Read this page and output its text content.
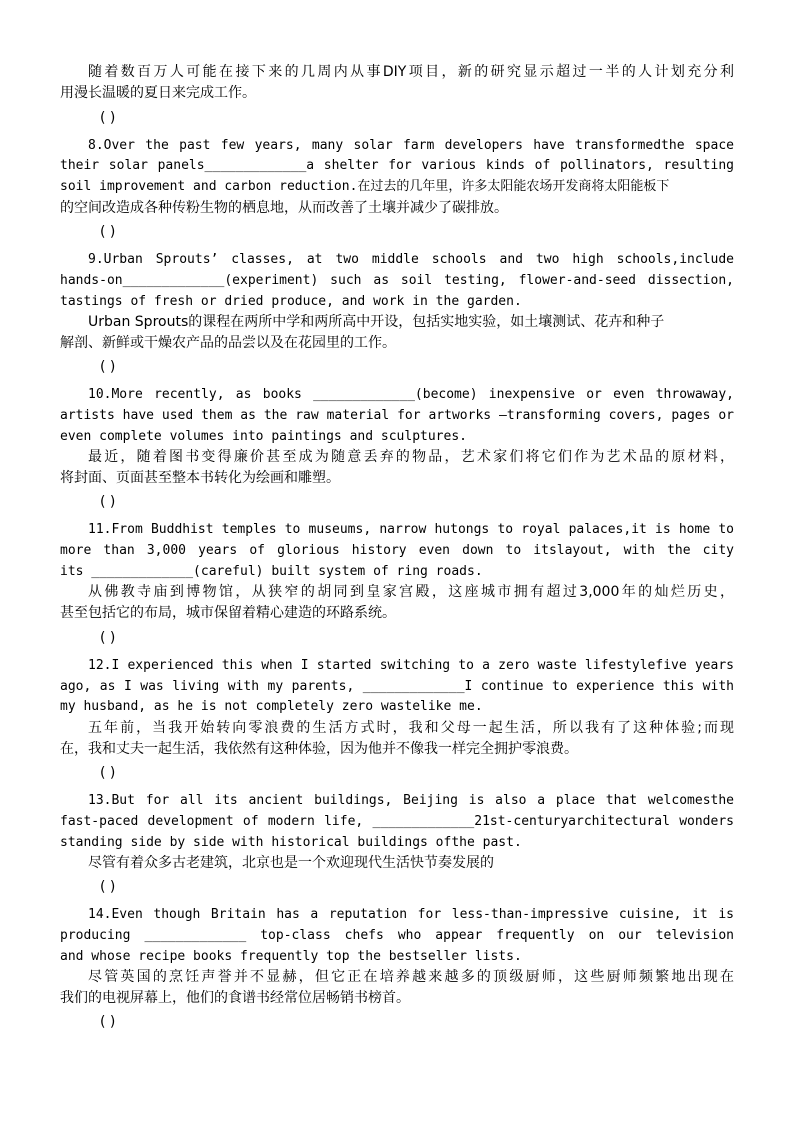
随着数百万人可能在接下来的几周内从事DIY项目，新的研究显示超过一半的人计划充分利
用漫长温暖的夏日来完成工作。
( )
8.Over the past few years, many solar farm developers have transformedthe space
their solar panels_____________a shelter for various kinds of pollinators, resulting
soil improvement and carbon reduction.在过去的几年里，许多太阳能农场开发商将太阳能板下
的空间改造成各种传粉生物的栖息地，从而改善了土壤并减少了碳排放。
( )
9.Urban Sprouts’ classes, at two middle schools and two high schools,include
hands-on_____________(experiment) such as soil testing, flower-and-seed dissection,
tastings of fresh or dried produce, and work in the garden.
Urban Sprouts的课程在两所中学和两所高中开设，包括实地实验，如土壤测试、花卉和种子
解剖、新鲜或干燥农产品的品尝以及在花园里的工作。
( )
10.More recently, as books _____________(become) inexpensive or even throwaway,
artists have used them as the raw material for artworks —transforming covers, pages or
even complete volumes into paintings and sculptures.
最近，随着图书变得廉价甚至成为随意丢弃的物品，艺术家们将它们作为艺术品的原材料，
将封面、页面甚至整本书转化为绘画和雕塑。
( )
11.From Buddhist temples to museums, narrow hutongs to royal palaces,it is home to
more than 3,000 years of glorious history even down to itslayout, with the city
its _____________(careful) built system of ring roads.
从佛教寺庙到博物馆，从狭窄的胡同到皇家宫殿，这座城市拥有超过3,000年的灿烂历史，
甚至包括它的布局，城市保留着精心建造的环路系统。
( )
12.I experienced this when I started switching to a zero waste lifestylefive years
ago, as I was living with my parents, _____________I continue to experience this with
my husband, as he is not completely zero wastelike me.
五年前，当我开始转向零浪费的生活方式时，我和父母一起生活，所以我有了这种体验;而现
在，我和丈夫一起生活，我依然有这种体验，因为他并不像我一样完全拥护零浪费。
( )
13.But for all its ancient buildings, Beijing is also a place that welcomesthe
fast-paced development of modern life, _____________21st-centuryarchitectural wonders
standing side by side with historical buildings ofthe past.
尽管有着众多古老建筑，北京也是一个欢迎现代生活快节奏发展的
( )
14.Even though Britain has a reputation for less-than-impressive cuisine, it is
producing _____________ top-class chefs who appear frequently on our television
and whose recipe books frequently top the bestseller lists.
尽管英国的烹饪声誉并不显赫，但它正在培养越来越多的顶级厨师，这些厨师频繁地出现在
我们的电视屏幕上，他们的食谱书经常位居畅销书榜首。
( )
